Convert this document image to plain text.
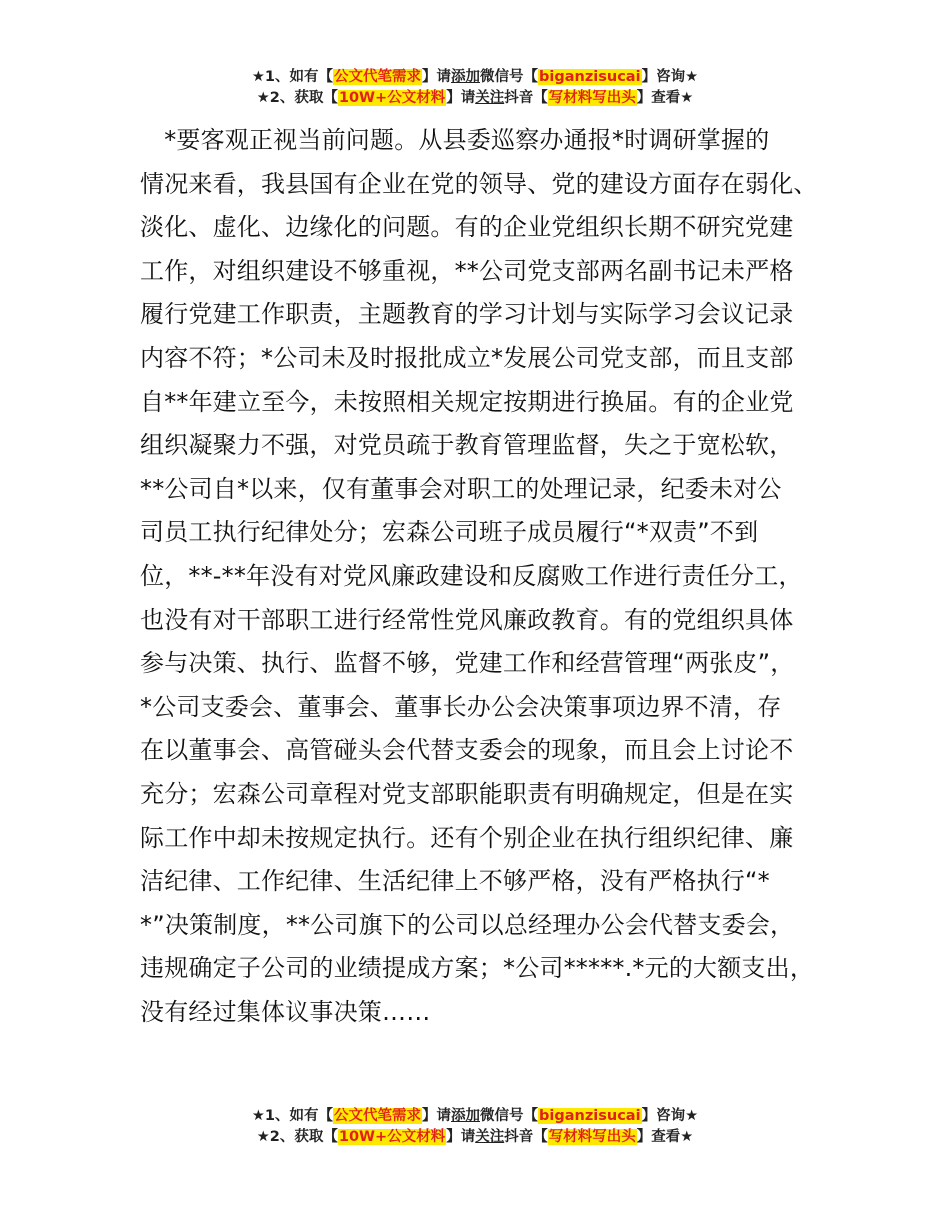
★1、如有【公文代笔需求】请添加微信号【biganzisucai】咨询★
★2、获取【10W+公文材料】请关注抖音【写材料写出头】查看★
　*要客观正视当前问题。从县委巡察办通报*时调研掌握的
情况来看，我县国有企业在党的领导、党的建设方面存在弱化、
淡化、虚化、边缘化的问题。有的企业党组织长期不研究党建
工作，对组织建设不够重视，**公司党支部两名副书记未严格
履行党建工作职责，主题教育的学习计划与实际学习会议记录
内容不符；*公司未及时报批成立*发展公司党支部，而且支部
自**年建立至今，未按照相关规定按期进行换届。有的企业党
组织凝聚力不强，对党员疏于教育管理监督，失之于宽松软，
**公司自*以来，仅有董事会对职工的处理记录，纪委未对公
司员工执行纪律处分；宏森公司班子成员履行“*双责”不到
位，**-**年没有对党风廉政建设和反腐败工作进行责任分工，
也没有对干部职工进行经常性党风廉政教育。有的党组织具体
参与决策、执行、监督不够，党建工作和经营管理“两张皮”，
*公司支委会、董事会、董事长办公会决策事项边界不清，存
在以董事会、高管碰头会代替支委会的现象，而且会上讨论不
充分；宏森公司章程对党支部职能职责有明确规定，但是在实
际工作中却未按规定执行。还有个别企业在执行组织纪律、廉
洁纪律、工作纪律、生活纪律上不够严格，没有严格执行“*
*”决策制度，**公司旗下的公司以总经理办公会代替支委会，
违规确定子公司的业绩提成方案；*公司*****.*元的大额支出，
没有经过集体议事决策……
★1、如有【公文代笔需求】请添加微信号【biganzisucai】咨询★
★2、获取【10W+公文材料】请关注抖音【写材料写出头】查看★
